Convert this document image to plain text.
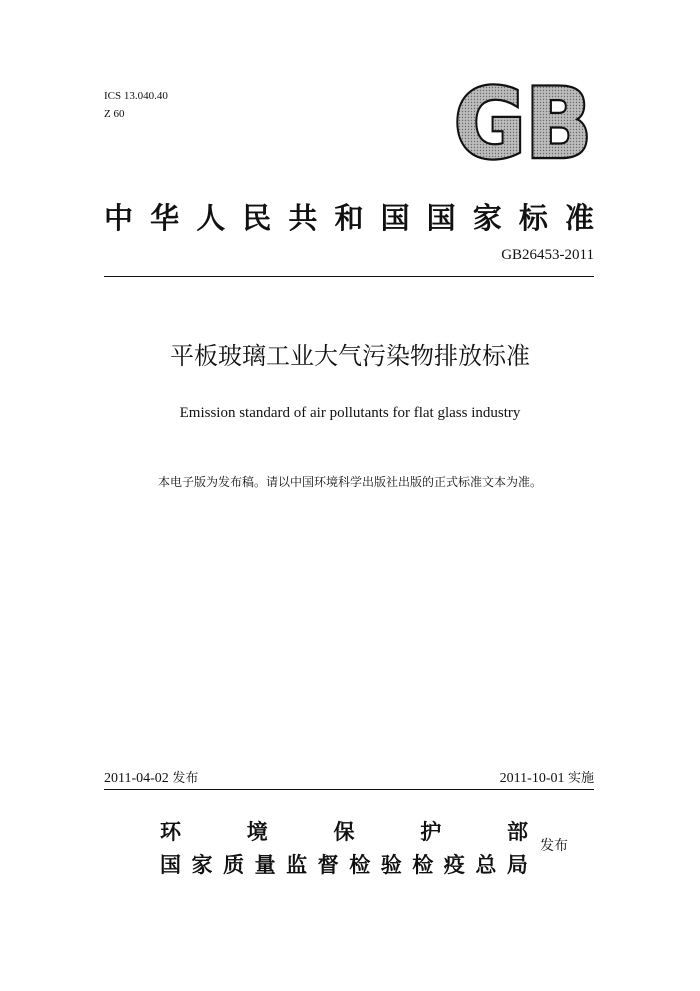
ICS 13.040.40
Z 60	GB
中 华 人 民 共 和 国 国 家 标 准
GB26453-2011
平板玻璃工业大气污染物排放标准
Emission standard of air pollutants for flat glass industry
本电子版为发布稿。请以中国环境科学出版社出版的正式标准文本为准。
2011-04-02 发布	2011-10-01 实施
环	境	保	护	部
国 家 质 量 监 督 检 验 检 疫 总 局
发布
